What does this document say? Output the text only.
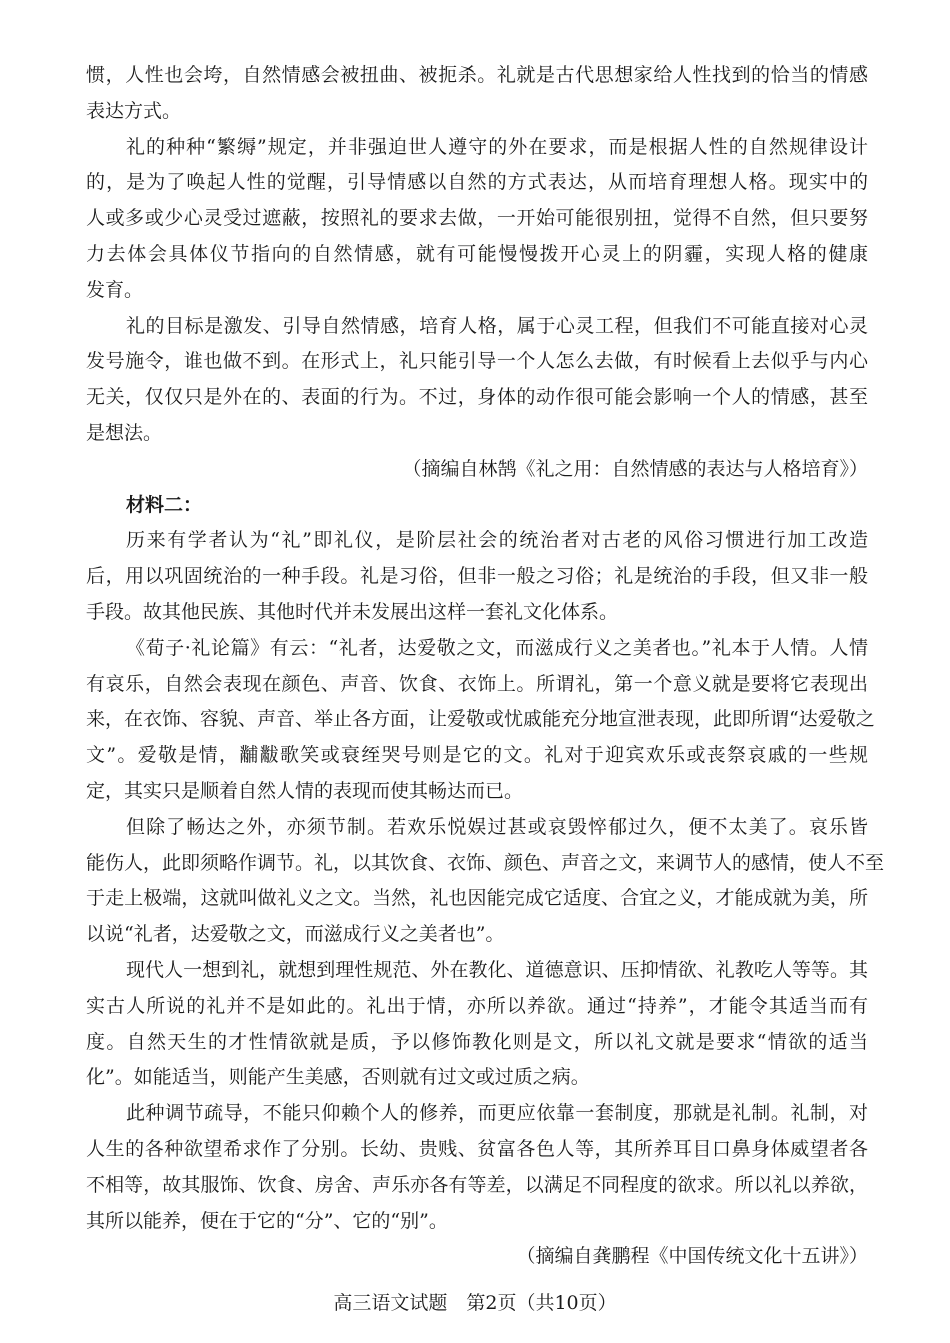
惯，人性也会垮，自然情感会被扭曲、被扼杀。礼就是古代思想家给人性找到的恰当的情感
表达方式。
礼的种种“繁缛”规定，并非强迫世人遵守的外在要求，而是根据人性的自然规律设计
的，是为了唤起人性的觉醒，引导情感以自然的方式表达，从而培育理想人格。现实中的
人或多或少心灵受过遮蔽，按照礼的要求去做，一开始可能很别扭，觉得不自然，但只要努
力去体会具体仪节指向的自然情感，就有可能慢慢拨开心灵上的阴霾，实现人格的健康
发育。
礼的目标是激发、引导自然情感，培育人格，属于心灵工程，但我们不可能直接对心灵
发号施令，谁也做不到。在形式上，礼只能引导一个人怎么去做，有时候看上去似乎与内心
无关，仅仅只是外在的、表面的行为。不过，身体的动作很可能会影响一个人的情感，甚至
是想法。
（摘编自林鹄《礼之用：自然情感的表达与人格培育》）
材料二：
历来有学者认为“礼”即礼仪，是阶层社会的统治者对古老的风俗习惯进行加工改造
后，用以巩固统治的一种手段。礼是习俗，但非一般之习俗；礼是统治的手段，但又非一般
手段。故其他民族、其他时代并未发展出这样一套礼文化体系。
《荀子·礼论篇》有云：“礼者，达爱敬之文，而滋成行义之美者也。”礼本于人情。人情
有哀乐，自然会表现在颜色、声音、饮食、衣饰上。所谓礼，第一个意义就是要将它表现出
来，在衣饰、容貌、声音、举止各方面，让爱敬或忧戚能充分地宣泄表现，此即所谓“达爱敬之
文”。爱敬是情，黼黻歌笑或衰绖哭号则是它的文。礼对于迎宾欢乐或丧祭哀戚的一些规
定，其实只是顺着自然人情的表现而使其畅达而已。
但除了畅达之外，亦须节制。若欢乐悦娱过甚或哀毁悴郁过久，便不太美了。哀乐皆
能伤人，此即须略作调节。礼，以其饮食、衣饰、颜色、声音之文，来调节人的感情，使人不至
于走上极端，这就叫做礼义之文。当然，礼也因能完成它适度、合宜之义，才能成就为美，所
以说“礼者，达爱敬之文，而滋成行义之美者也”。
现代人一想到礼，就想到理性规范、外在教化、道德意识、压抑情欲、礼教吃人等等。其
实古人所说的礼并不是如此的。礼出于情，亦所以养欲。通过“持养”，才能令其适当而有
度。自然天生的才性情欲就是质，予以修饰教化则是文，所以礼文就是要求“情欲的适当
化”。如能适当，则能产生美感，否则就有过文或过质之病。
此种调节疏导，不能只仰赖个人的修养，而更应依靠一套制度，那就是礼制。礼制，对
人生的各种欲望希求作了分别。长幼、贵贱、贫富各色人等，其所养耳目口鼻身体威望者各
不相等，故其服饰、饮食、房舍、声乐亦各有等差，以满足不同程度的欲求。所以礼以养欲，
其所以能养，便在于它的“分”、它的“别”。
（摘编自龚鹏程《中国传统文化十五讲》）
高三语文试题　第2页（共10页）
